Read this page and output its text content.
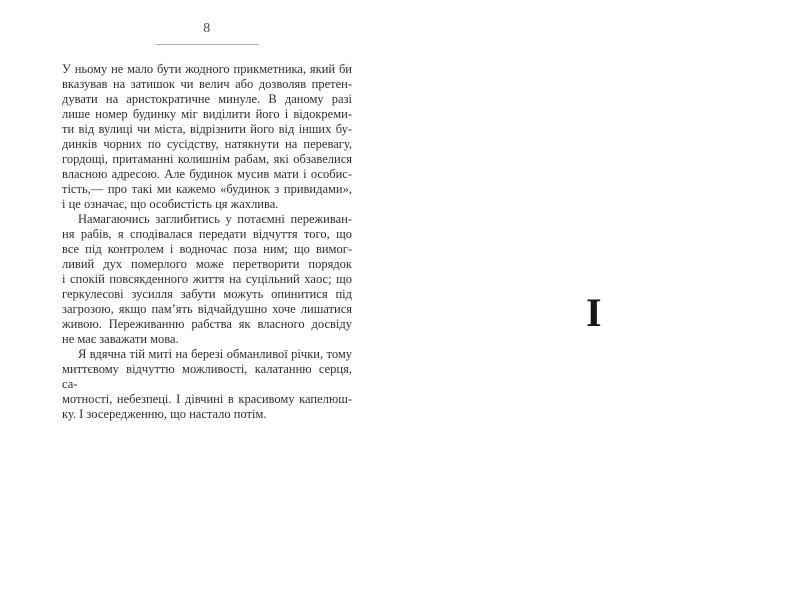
8

У ньому не мало бути жодного прикметника, який би
вказував на затишок чи велич або дозволяв претен-
дувати на аристократичне минуле. В даному разі
лише номер будинку міг виділити його і відокреми-
ти від вулиці чи міста, відрізнити його від інших бу-
динків чорних по сусідству, натякнути на перевагу,
гордощі, притаманні колишнім рабам, які обзавелися
власною адресою. Але будинок мусив мати і особис-
тість,— про такі ми кажемо «будинок з привидами»,
і це означає, що особистість ця жахлива.

Намагаючись заглибитись у потаємні переживан-
ня рабів, я сподівалася передати відчуття того, що
все під контролем і водночас поза ним; що вимог-
ливий дух померлого може перетворити порядок
і спокій повсякденного життя на суцільний хаос; що
геркулесові зусилля забути можуть опинитися під
загрозою, якщо пам’ять відчайдушно хоче лишатися
живою. Переживанню рабства як власного досвіду
не має заважати мова.

Я вдячна тій миті на березі обманливої річки, тому
миттєвому відчуттю можливості, калатанню серця, са-
мотності, небезпеці. І дівчині в красивому капелюш-
ку. І зосередженню, що настало потім.

I
